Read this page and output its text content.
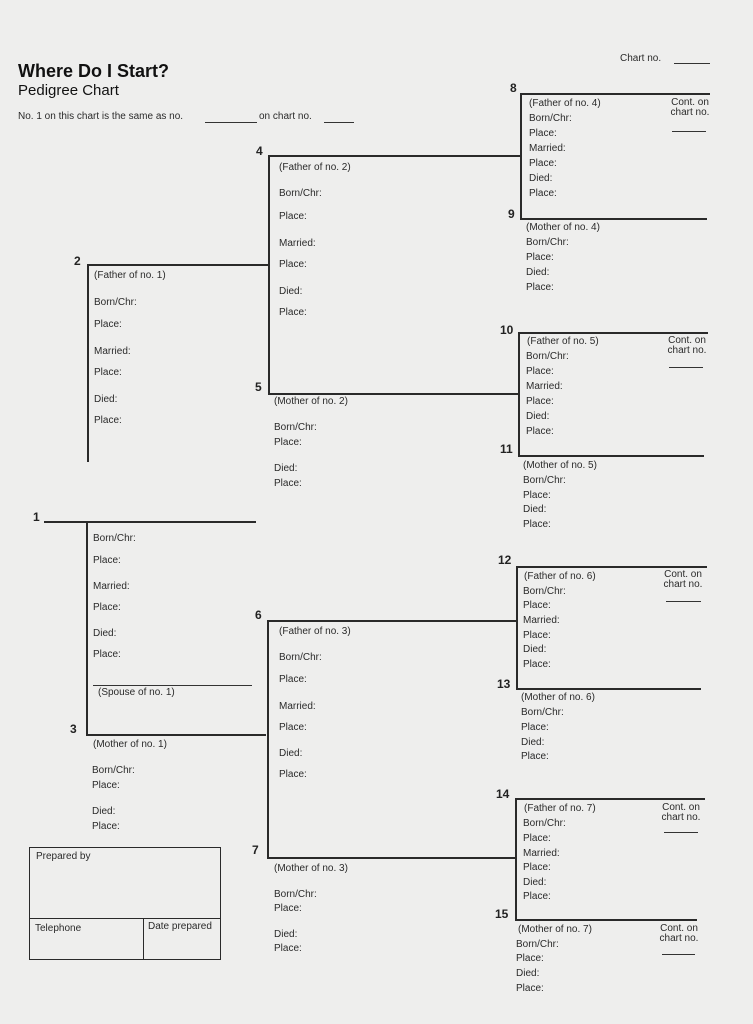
Where Do I Start?
Pedigree Chart
No. 1 on this chart is the same as no.	on chart no.
Chart no.
1
Born/Chr:
Place:
Married:
Place:
Died:
Place:
(Spouse of no. 1)
2
(Father of no. 1)
Born/Chr:
Place:
Married:
Place:
Died:
Place:
3
(Mother of no. 1)
Born/Chr:
Place:
Died:
Place:
4
(Father of no. 2)
Born/Chr:
Place:
Married:
Place:
Died:
Place:
5
(Mother of no. 2)
Born/Chr:
Place:
Died:
Place:
6
(Father of no. 3)
Born/Chr:
Place:
Married:
Place:
Died:
Place:
7
(Mother of no. 3)
Born/Chr:
Place:
Died:
Place:
8
(Father of no. 4)
Born/Chr:
Place:
Married:
Place:
Died:
Place:
Cont. on chart no.
9
(Mother of no. 4)
Born/Chr:
Place:
Died:
Place:
10
(Father of no. 5)
Born/Chr:
Place:
Married:
Place:
Died:
Place:
Cont. on chart no.
11
(Mother of no. 5)
Born/Chr:
Place:
Died:
Place:
12
(Father of no. 6)
Born/Chr:
Place:
Married:
Place:
Died:
Place:
Cont. on chart no.
13
(Mother of no. 6)
Born/Chr:
Place:
Died:
Place:
14
(Father of no. 7)
Born/Chr:
Place:
Married:
Place:
Died:
Place:
Cont. on chart no.
15
(Mother of no. 7)
Born/Chr:
Place:
Died:
Place:
Cont. on chart no.
Prepared by
Telephone	Date prepared
